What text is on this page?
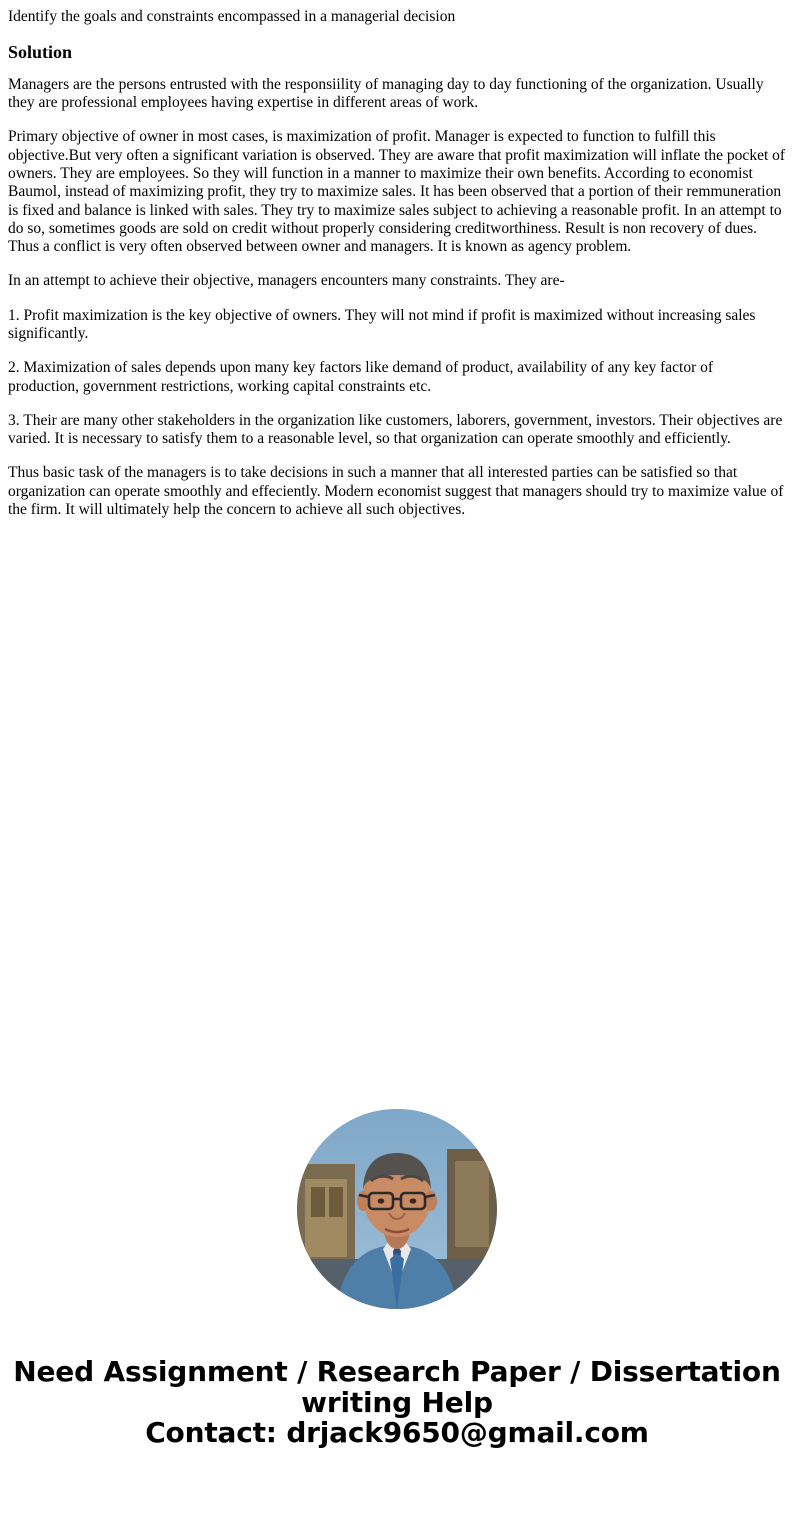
Identify the goals and constraints encompassed in a managerial decision
Solution

Managers are the persons entrusted with the responsiility of managing day to day functioning of the organization. Usually they are professional employees having expertise in different areas of work.

Primary objective of owner in most cases, is maximization of profit. Manager is expected to function to fulfill this objective.But very often a significant variation is observed. They are aware that profit maximization will inflate the pocket of owners. They are employees. So they will function in a manner to maximize their own benefits. According to economist Baumol, instead of maximizing profit, they try to maximize sales. It has been observed that a portion of their remmuneration is fixed and balance is linked with sales. They try to maximize sales subject to achieving a reasonable profit. In an attempt to do so, sometimes goods are sold on credit without properly considering creditworthiness. Result is non recovery of dues. Thus a conflict is very often observed between owner and managers. It is known as agency problem.

In an attempt to achieve their objective, managers encounters many constraints. They are-

1. Profit maximization is the key objective of owners. They will not mind if profit is maximized without increasing sales significantly.

2. Maximization of sales depends upon many key factors like demand of product, availability of any key factor of production, government restrictions, working capital constraints etc.

3. Their are many other stakeholders in the organization like customers, laborers, government, investors. Their objectives are varied. It is necessary to satisfy them to a reasonable level, so that organization can operate smoothly and efficiently.

Thus basic task of the managers is to take decisions in such a manner that all interested parties can be satisfied so that organization can operate smoothly and effeciently. Modern economist suggest that managers should try to maximize value of the firm. It will ultimately help the concern to achieve all such objectives.

Need Assignment / Research Paper / Dissertation
writing Help
Contact: drjack9650@gmail.com
